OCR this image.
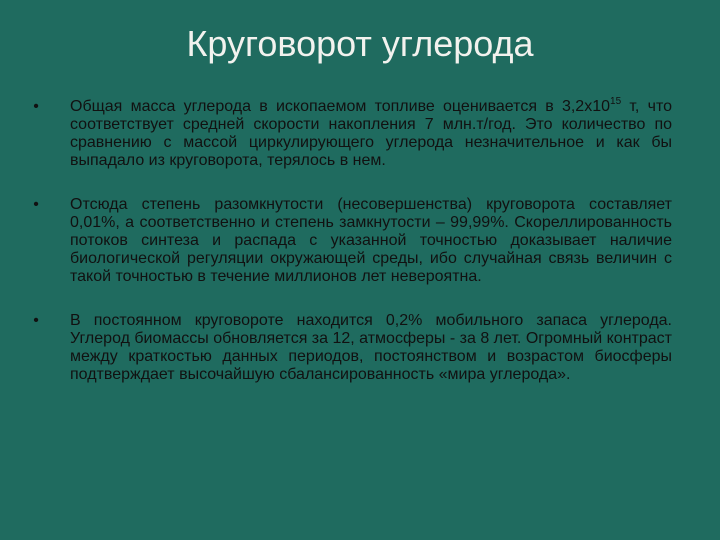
Круговорот углерода
• Общая масса углерода в ископаемом топливе оценивается в $3,2х10^{15}$ т, что соответствует средней скорости накопления 7 млн.т/год. Это количество по сравнению с массой циркулирующего углерода незначительное и как бы выпадало из круговорота, терялось в нем.
• Отсюда степень разомкнутости (несовершенства) круговорота составляет 0,01%, а соответственно и степень замкнутости – 99,99%. Скореллированность потоков синтеза и распада с указанной точностью доказывает наличие биологической регуляции окружающей среды, ибо случайная связь величин с такой точностью в течение миллионов лет невероятна.
• В постоянном круговороте находится 0,2% мобильного запаса углерода. Углерод биомассы обновляется за 12, атмосферы - за 8 лет. Огромный контраст между краткостью данных периодов, постоянством и возрастом биосферы подтверждает высочайшую сбалансированность «мира углерода».
